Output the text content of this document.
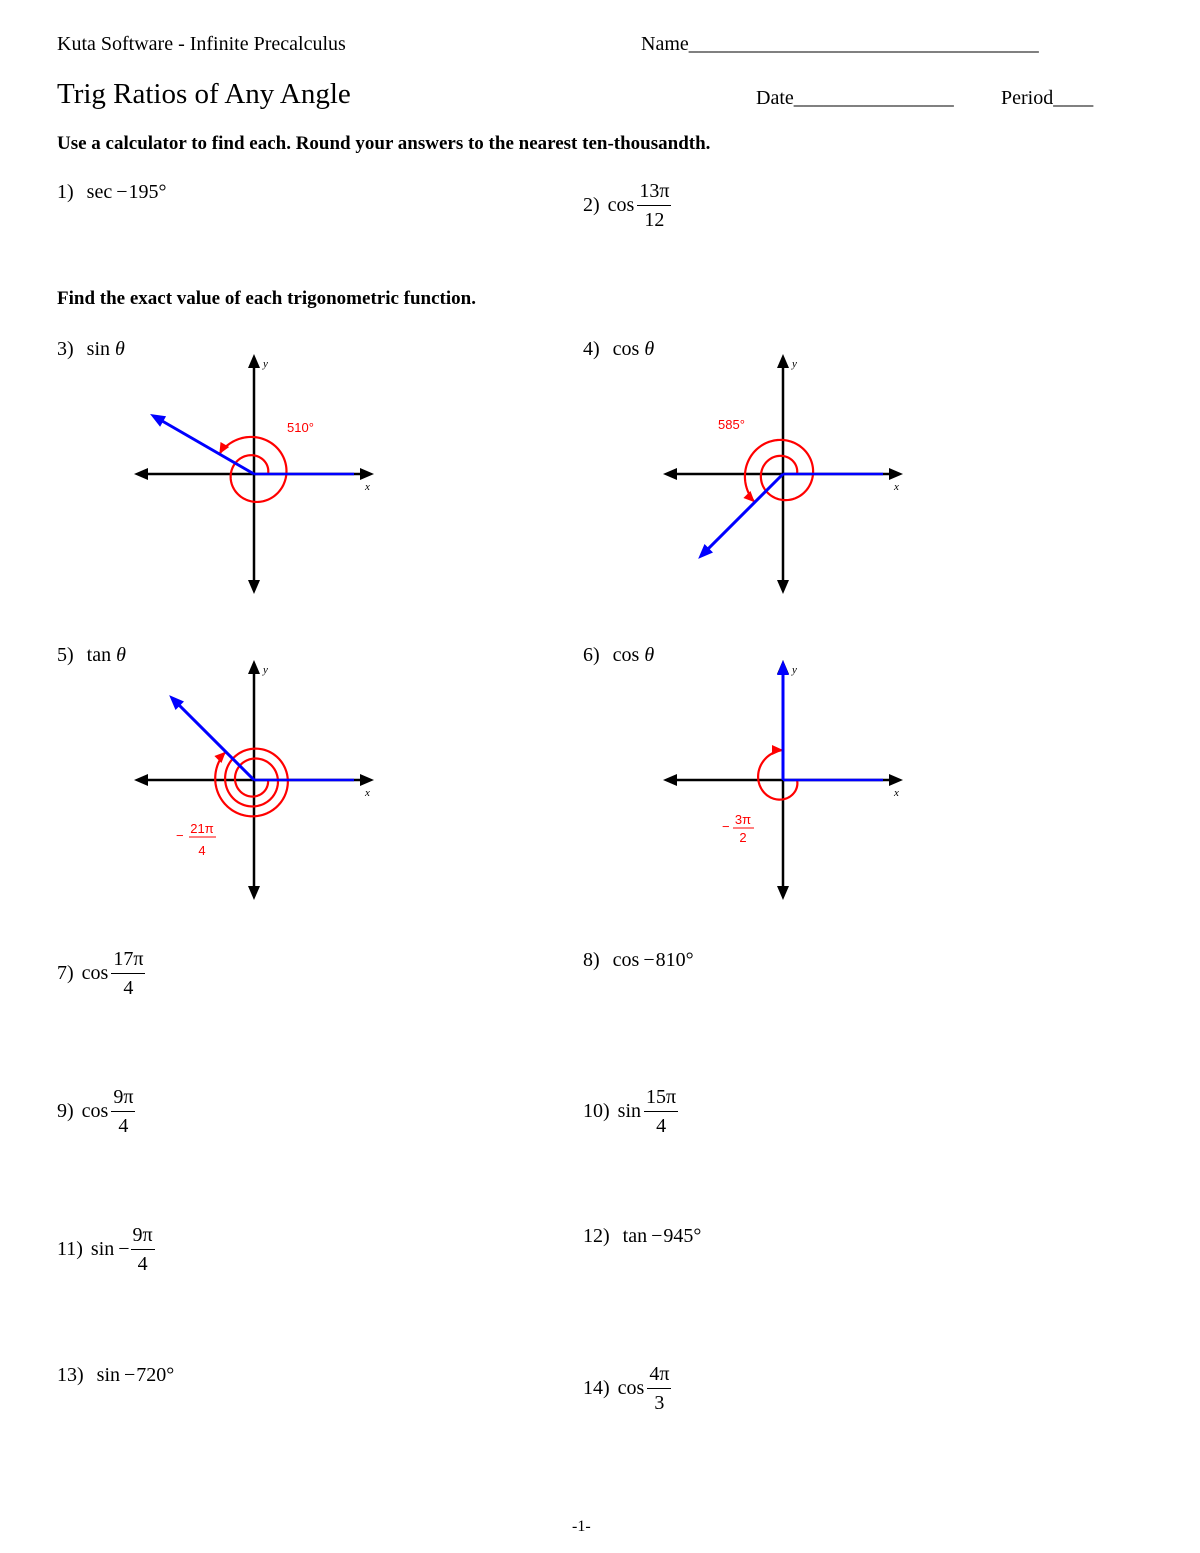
Kuta Software - Infinite Precalculus	Name___________________________________
Trig Ratios of Any Angle	Date________________ Period____
Use a calculator to find each. Round your answers to the nearest ten-thousandth.
1) sec −195°
2) $\cos \frac{13\pi}{12}$
Find the exact value of each trigonometric function.
3) sin θ	4) cos θ
5) tan θ	6) cos θ
x
y
510°
x
y
585°
x
y
− 21π
4
x
y
− 3π
2
7) $\cos \frac{17\pi}{4}$	8) cos −810°
9) $\cos \frac{9\pi}{4}$	10) $\sin \frac{15\pi}{4}$
11) $\sin - \frac{9\pi}{4}$	12) tan −945°
13) sin −720°
14) $\cos \frac{4\pi}{3}$
-1-
